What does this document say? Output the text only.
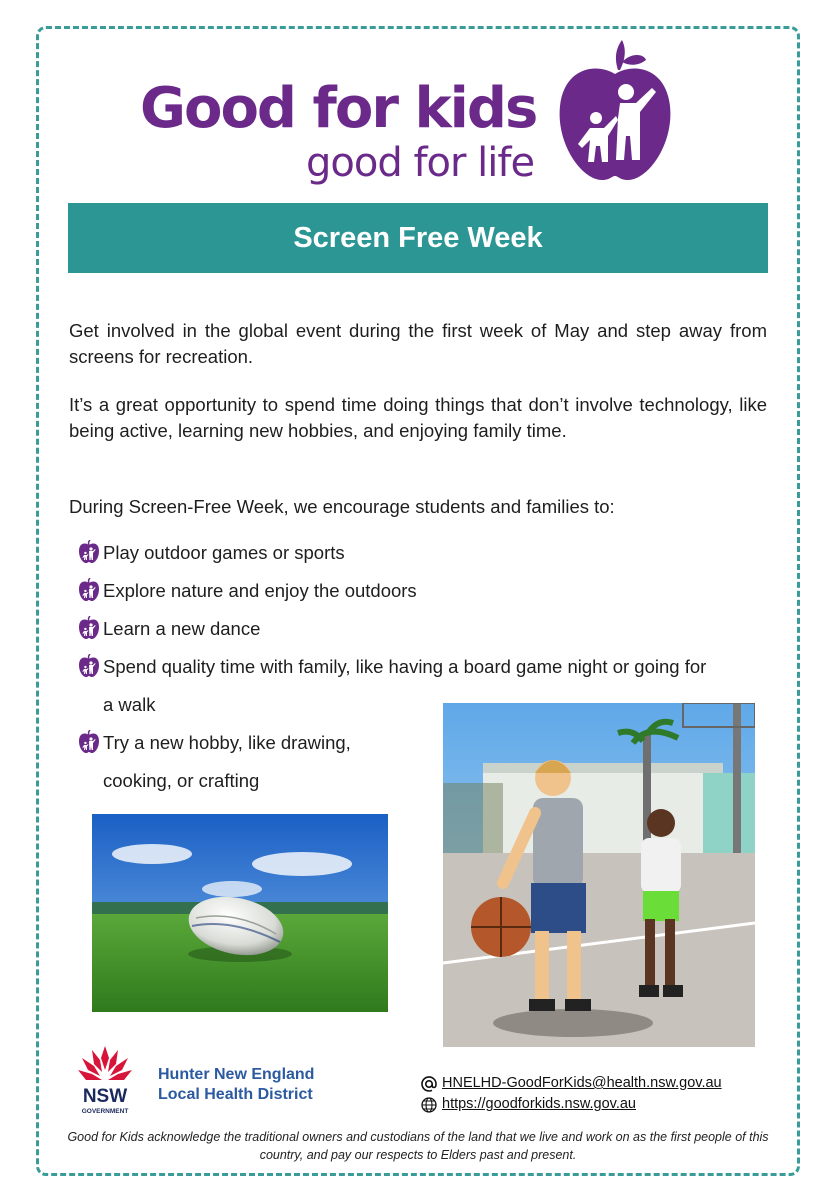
Good for kids
good for life
Screen Free Week
Get involved in the global event during the first week of May and step away from screens for recreation.
It’s a great opportunity to spend time doing things that don’t involve technology, like being active, learning new hobbies, and enjoying family time.
During Screen-Free Week, we encourage students and families to:
Play outdoor games or sports
Explore nature and enjoy the outdoors
Learn a new dance
Spend quality time with family, like having a board game night or going for a walk
Try a new hobby, like drawing, cooking, or crafting
NSW
GOVERNMENT
Hunter New England
Local Health District
HNELHD-GoodForKids@health.nsw.gov.au
https://goodforkids.nsw.gov.au
Good for Kids acknowledge the traditional owners and custodians of the land that we live and work on as the first people of this country, and pay our respects to Elders past and present.
